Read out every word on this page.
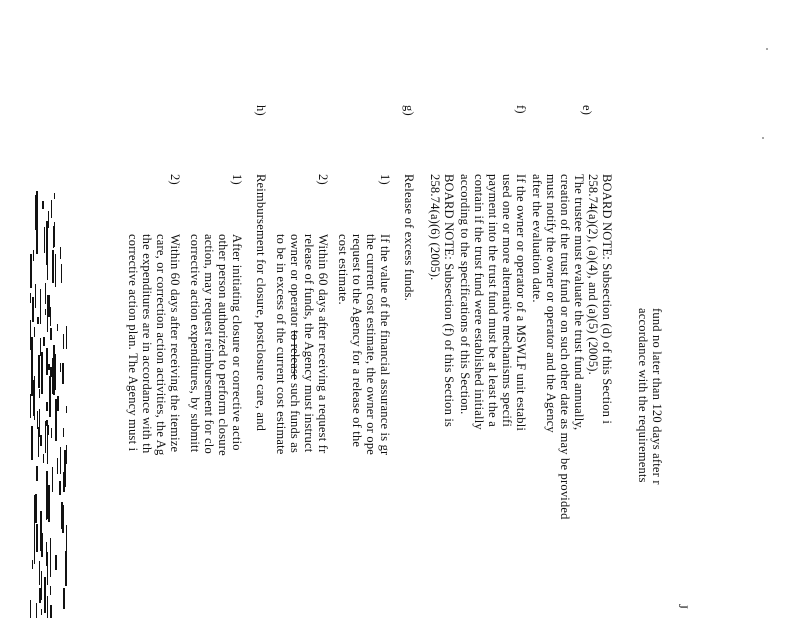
J
fund no later than 120 days after r
accordance with the requirements
e)
BOARD NOTE: Subsection (d) of this Section i
258.74(a)(2), (a)(4), and (a)(5) (2005).
The trustee must evaluate the trust fund annually,
creation of the trust fund or on such other date as may be provided
must notify the owner or operator and the Agency
after the evaluation date.
f)
If the owner or operator of a MSWLF unit establi
used one or more alternative mechanisms specifi
payment into the trust fund must be at least the a
contain if the trust fund were established initially
according to the specifications of this Section.
BOARD NOTE: Subsection (f) of this Section is
258.74(a)(6) (2005).
g)
Release of excess funds.
1)
If the value of the financial assurance is gr
the current cost estimate, the owner or ope
request to the Agency for a release of the
cost estimate.
2)
Within 60 days after receiving a request fr
release of funds, the Agency must instruct
owner or operator to release such funds as
to be in excess of the current cost estimate
h)
Reimbursement for closure, postclosure care, and
1)
After initiating closure or corrective actio
other person authorized to perform closure
action, may request reimbursement for clo
corrective action expenditures, by submitt
2)
Within 60 days after receiving the itemize
care, or correction action activities, the Ag
the expenditures are in accordance with th
corrective action plan. The Agency must i
